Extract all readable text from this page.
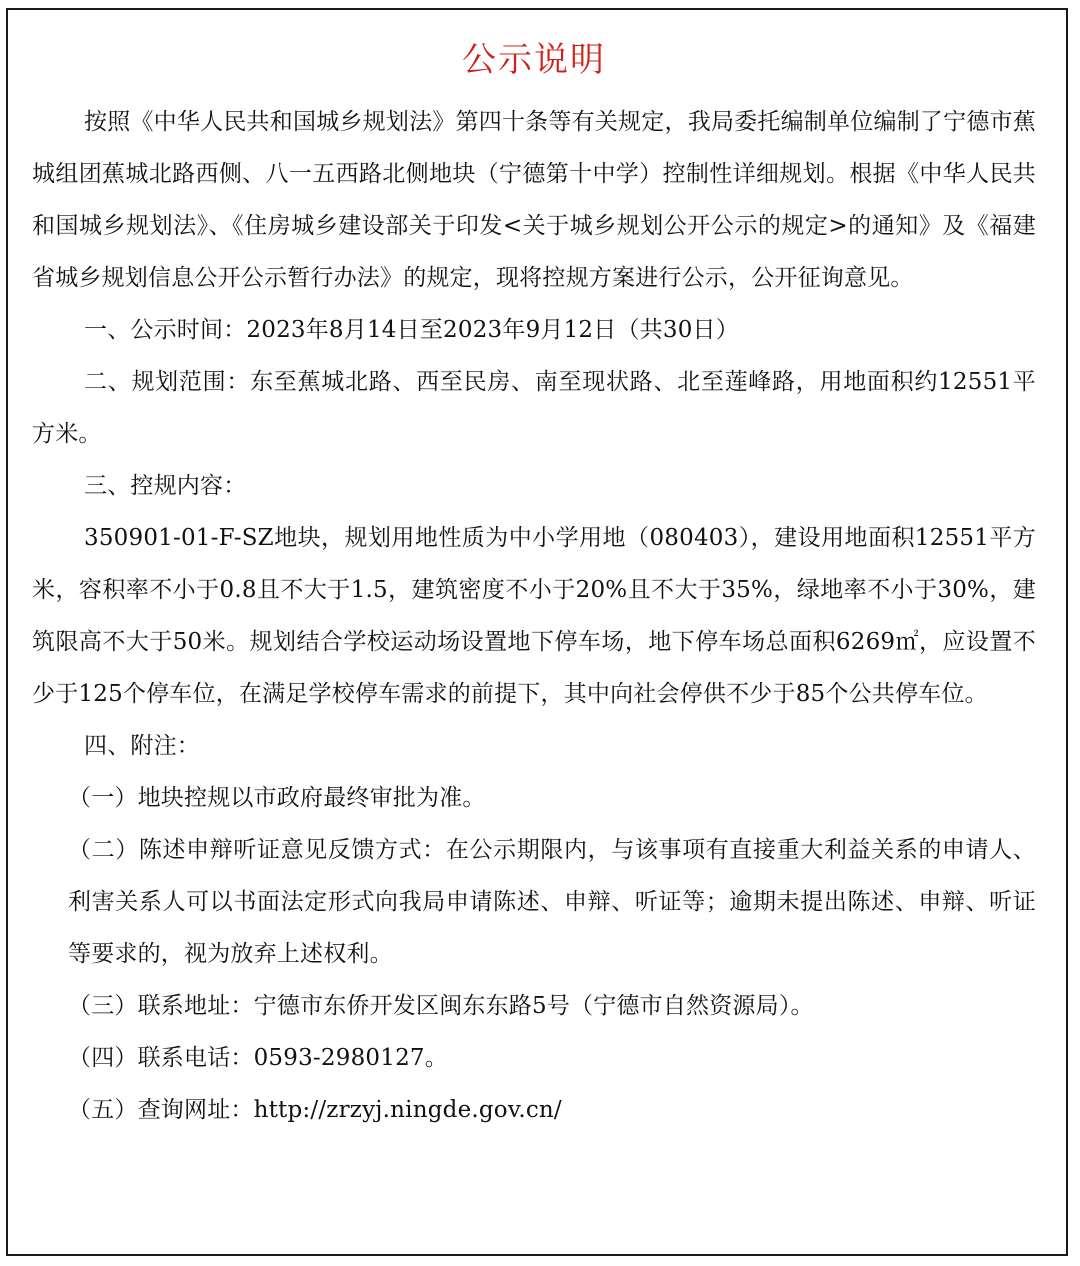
公示说明

按照《中华人民共和国城乡规划法》第四十条等有关规定，我局委托编制单位编制了宁德市蕉城组团蕉城北路西侧、八一五西路北侧地块（宁德第十中学）控制性详细规划。根据《中华人民共和国城乡规划法》、《住房城乡建设部关于印发<关于城乡规划公开公示的规定>的通知》及《福建省城乡规划信息公开公示暂行办法》的规定，现将控规方案进行公示，公开征询意见。

一、公示时间：2023年8月14日至2023年9月12日（共30日）

二、规划范围：东至蕉城北路、西至民房、南至现状路、北至莲峰路，用地面积约12551平方米。

三、控规内容：

350901-01-F-SZ地块，规划用地性质为中小学用地（080403），建设用地面积12551平方米，容积率不小于0.8且不大于1.5，建筑密度不小于20%且不大于35%，绿地率不小于30%，建筑限高不大于50米。规划结合学校运动场设置地下停车场，地下停车场总面积6269㎡，应设置不少于125个停车位，在满足学校停车需求的前提下，其中向社会停供不少于85个公共停车位。

四、附注：

（一）地块控规以市政府最终审批为准。

（二）陈述申辩听证意见反馈方式：在公示期限内，与该事项有直接重大利益关系的申请人、利害关系人可以书面法定形式向我局申请陈述、申辩、听证等；逾期未提出陈述、申辩、听证等要求的，视为放弃上述权利。

（三）联系地址：宁德市东侨开发区闽东东路5号（宁德市自然资源局）。

（四）联系电话：0593-2980127。

（五）查询网址：http://zrzyj.ningde.gov.cn/
